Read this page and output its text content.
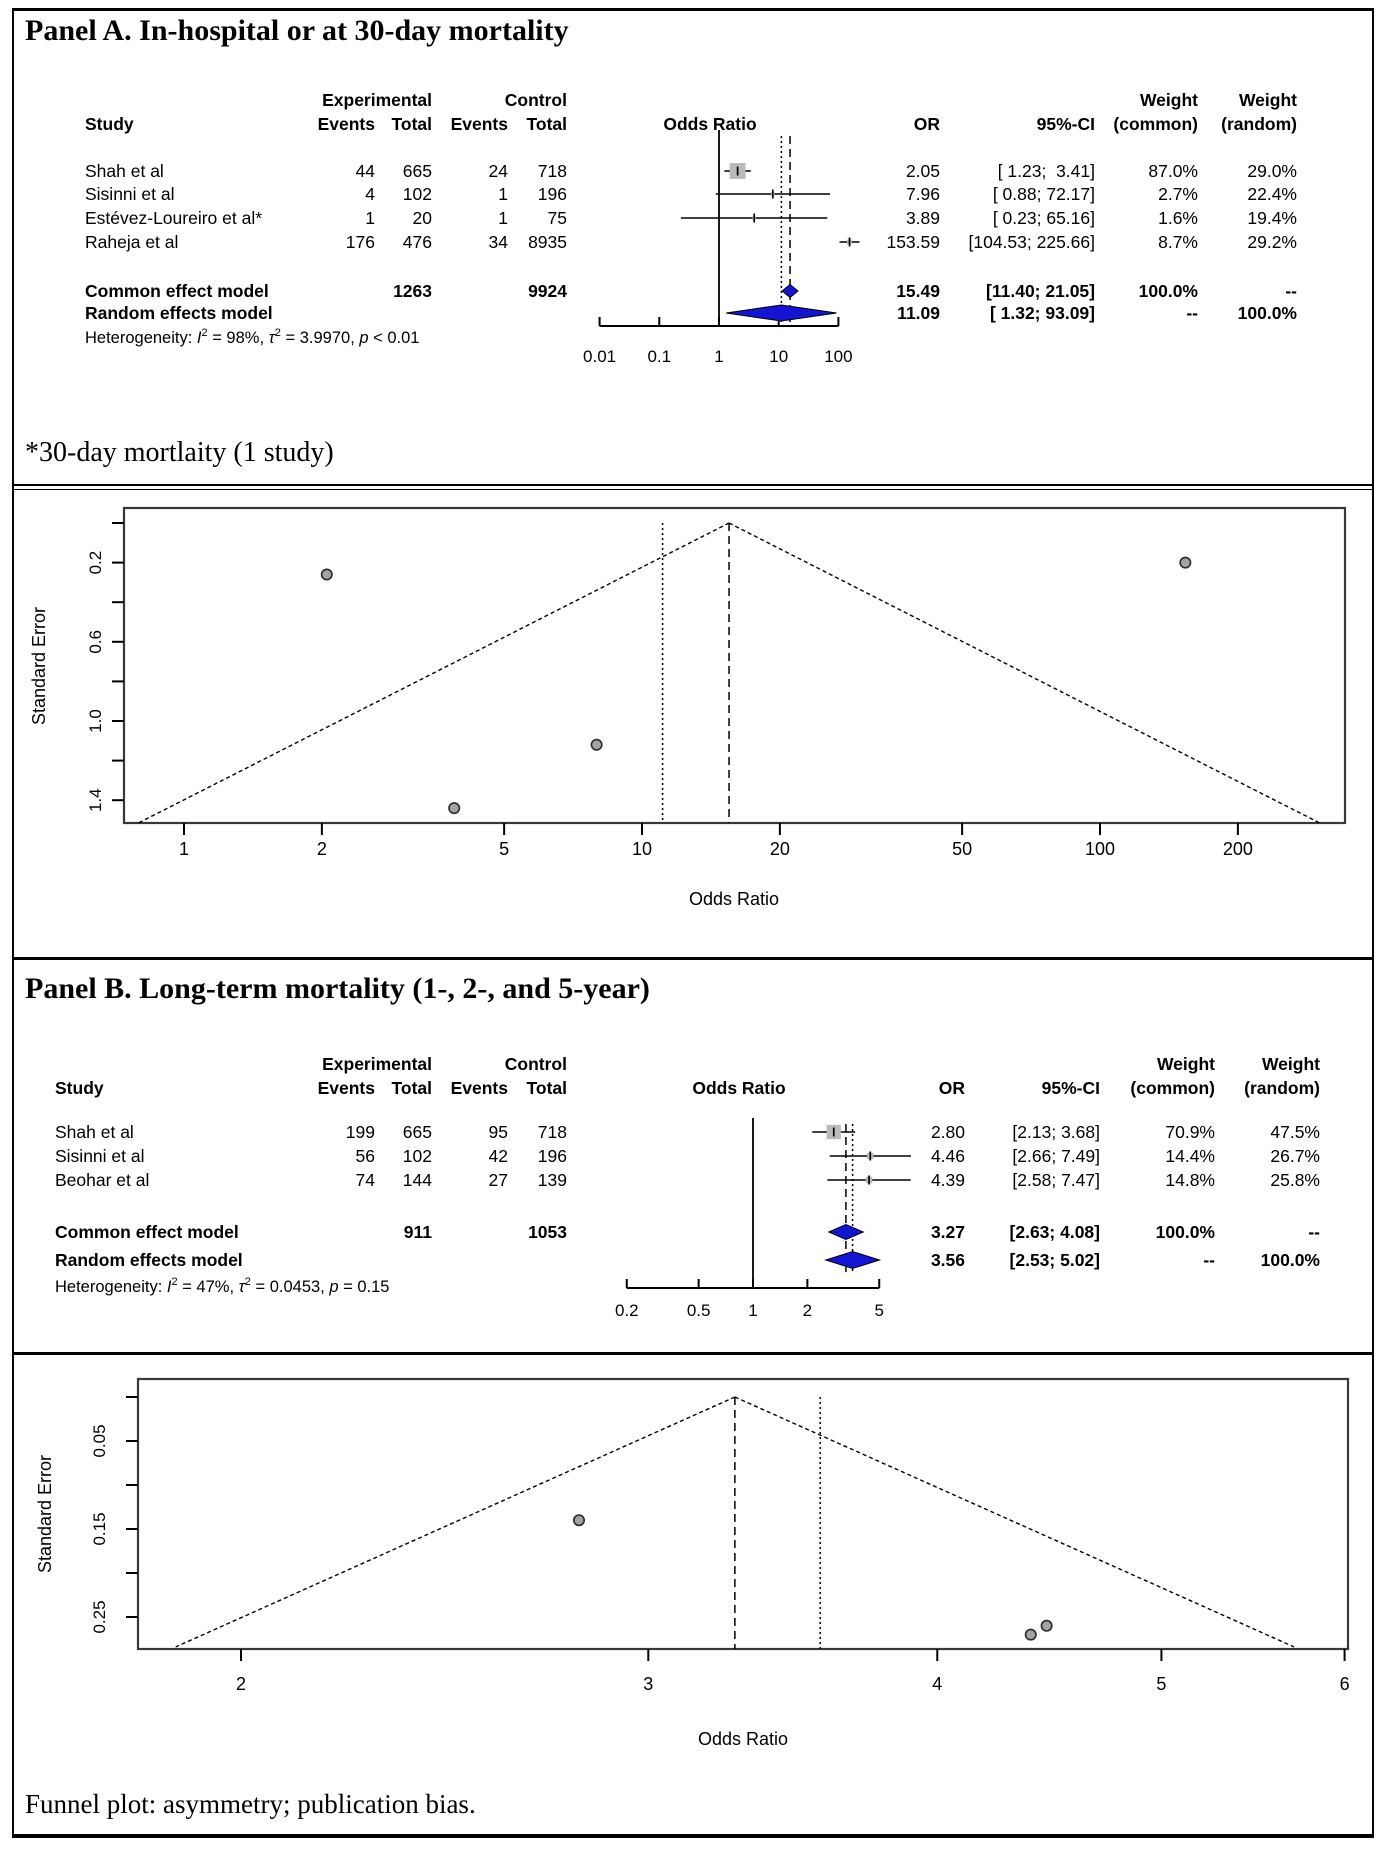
0.01 0.1	1	10 100
0.2
0.6
1.0
1.4
1	2	5	10	20	50	100	200
Odds Ratio
Standard Error
0.2	0.5 1	2	5
0.05
0.15
0.25
2	3	4	5	6
Odds Ratio
Standard Error
Panel A. In-hospital or at 30-day mortality
Experimental	Control	Weight	Weight
Study	Events Total	Events	Total	Odds Ratio	OR	95%-CI	(common)	(random)
Shah et al	44	665	24	718	2.05	[ 1.23;  3.41]	87.0%	29.0%
Sisinni et al	4	102	1	196	7.96	[ 0.88; 72.17]	2.7%	22.4%
Estévez-Loureiro et al*	1	20	1	75	3.89	[ 0.23; 65.16]	1.6%	19.4%
Raheja et al	176	476	34	8935	153.59	[104.53; 225.66]	8.7%	29.2%
Common effect model	1263	9924	15.49	[11.40; 21.05]	100.0%	--
Random effects model	11.09	[ 1.32; 93.09]	--	100.0%
Heterogeneity: $I^2 = 98\%$, $\tau^2 = 3.9970$, p < 0.01
*30-day mortlaity (1 study)
Panel B. Long-term mortality (1-, 2-, and 5-year)
Experimental	Control	Weight	Weight
Study	Events Total	Events	Total	Odds Ratio	OR	95%-CI	(common)	(random)
Shah et al	199	665	95	718	2.80	[2.13; 3.68]	70.9%	47.5%
Sisinni et al	56	102	42	196	4.46	[2.66; 7.49]	14.4%	26.7%
Beohar et al	74	144	27	139	4.39	[2.58; 7.47]	14.8%	25.8%
Common effect model	911	1053	3.27	[2.63; 4.08]	100.0%	--
Random effects model	3.56	[2.53; 5.02]	--	100.0%
Heterogeneity: $I^2 = 47\%$, $\tau^2 = 0.0453$, p = 0.15
Funnel plot: asymmetry; publication bias.
